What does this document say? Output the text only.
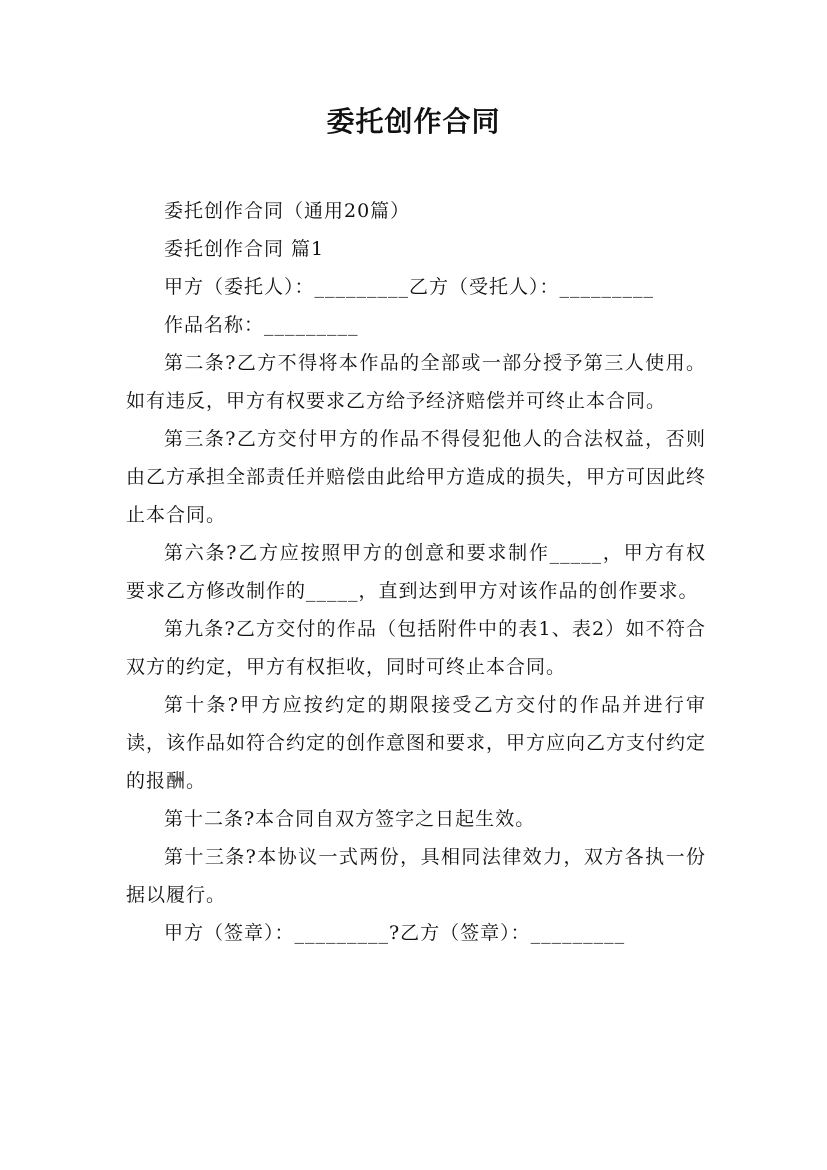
委托创作合同

委托创作合同（通用20篇）

委托创作合同 篇1

甲方（委托人）：_________乙方（受托人）：_________

作品名称：_________

第二条?乙方不得将本作品的全部或一部分授予第三人使用。如有违反，甲方有权要求乙方给予经济赔偿并可终止本合同。

第三条?乙方交付甲方的作品不得侵犯他人的合法权益，否则由乙方承担全部责任并赔偿由此给甲方造成的损失，甲方可因此终止本合同。

第六条?乙方应按照甲方的创意和要求制作_____，甲方有权要求乙方修改制作的_____，直到达到甲方对该作品的创作要求。

第九条?乙方交付的作品（包括附件中的表1、表2）如不符合双方的约定，甲方有权拒收，同时可终止本合同。

第十条?甲方应按约定的期限接受乙方交付的作品并进行审读，该作品如符合约定的创作意图和要求，甲方应向乙方支付约定的报酬。

第十二条?本合同自双方签字之日起生效。

第十三条?本协议一式两份，具相同法律效力，双方各执一份据以履行。

甲方（签章）：_________?乙方（签章）：_________
